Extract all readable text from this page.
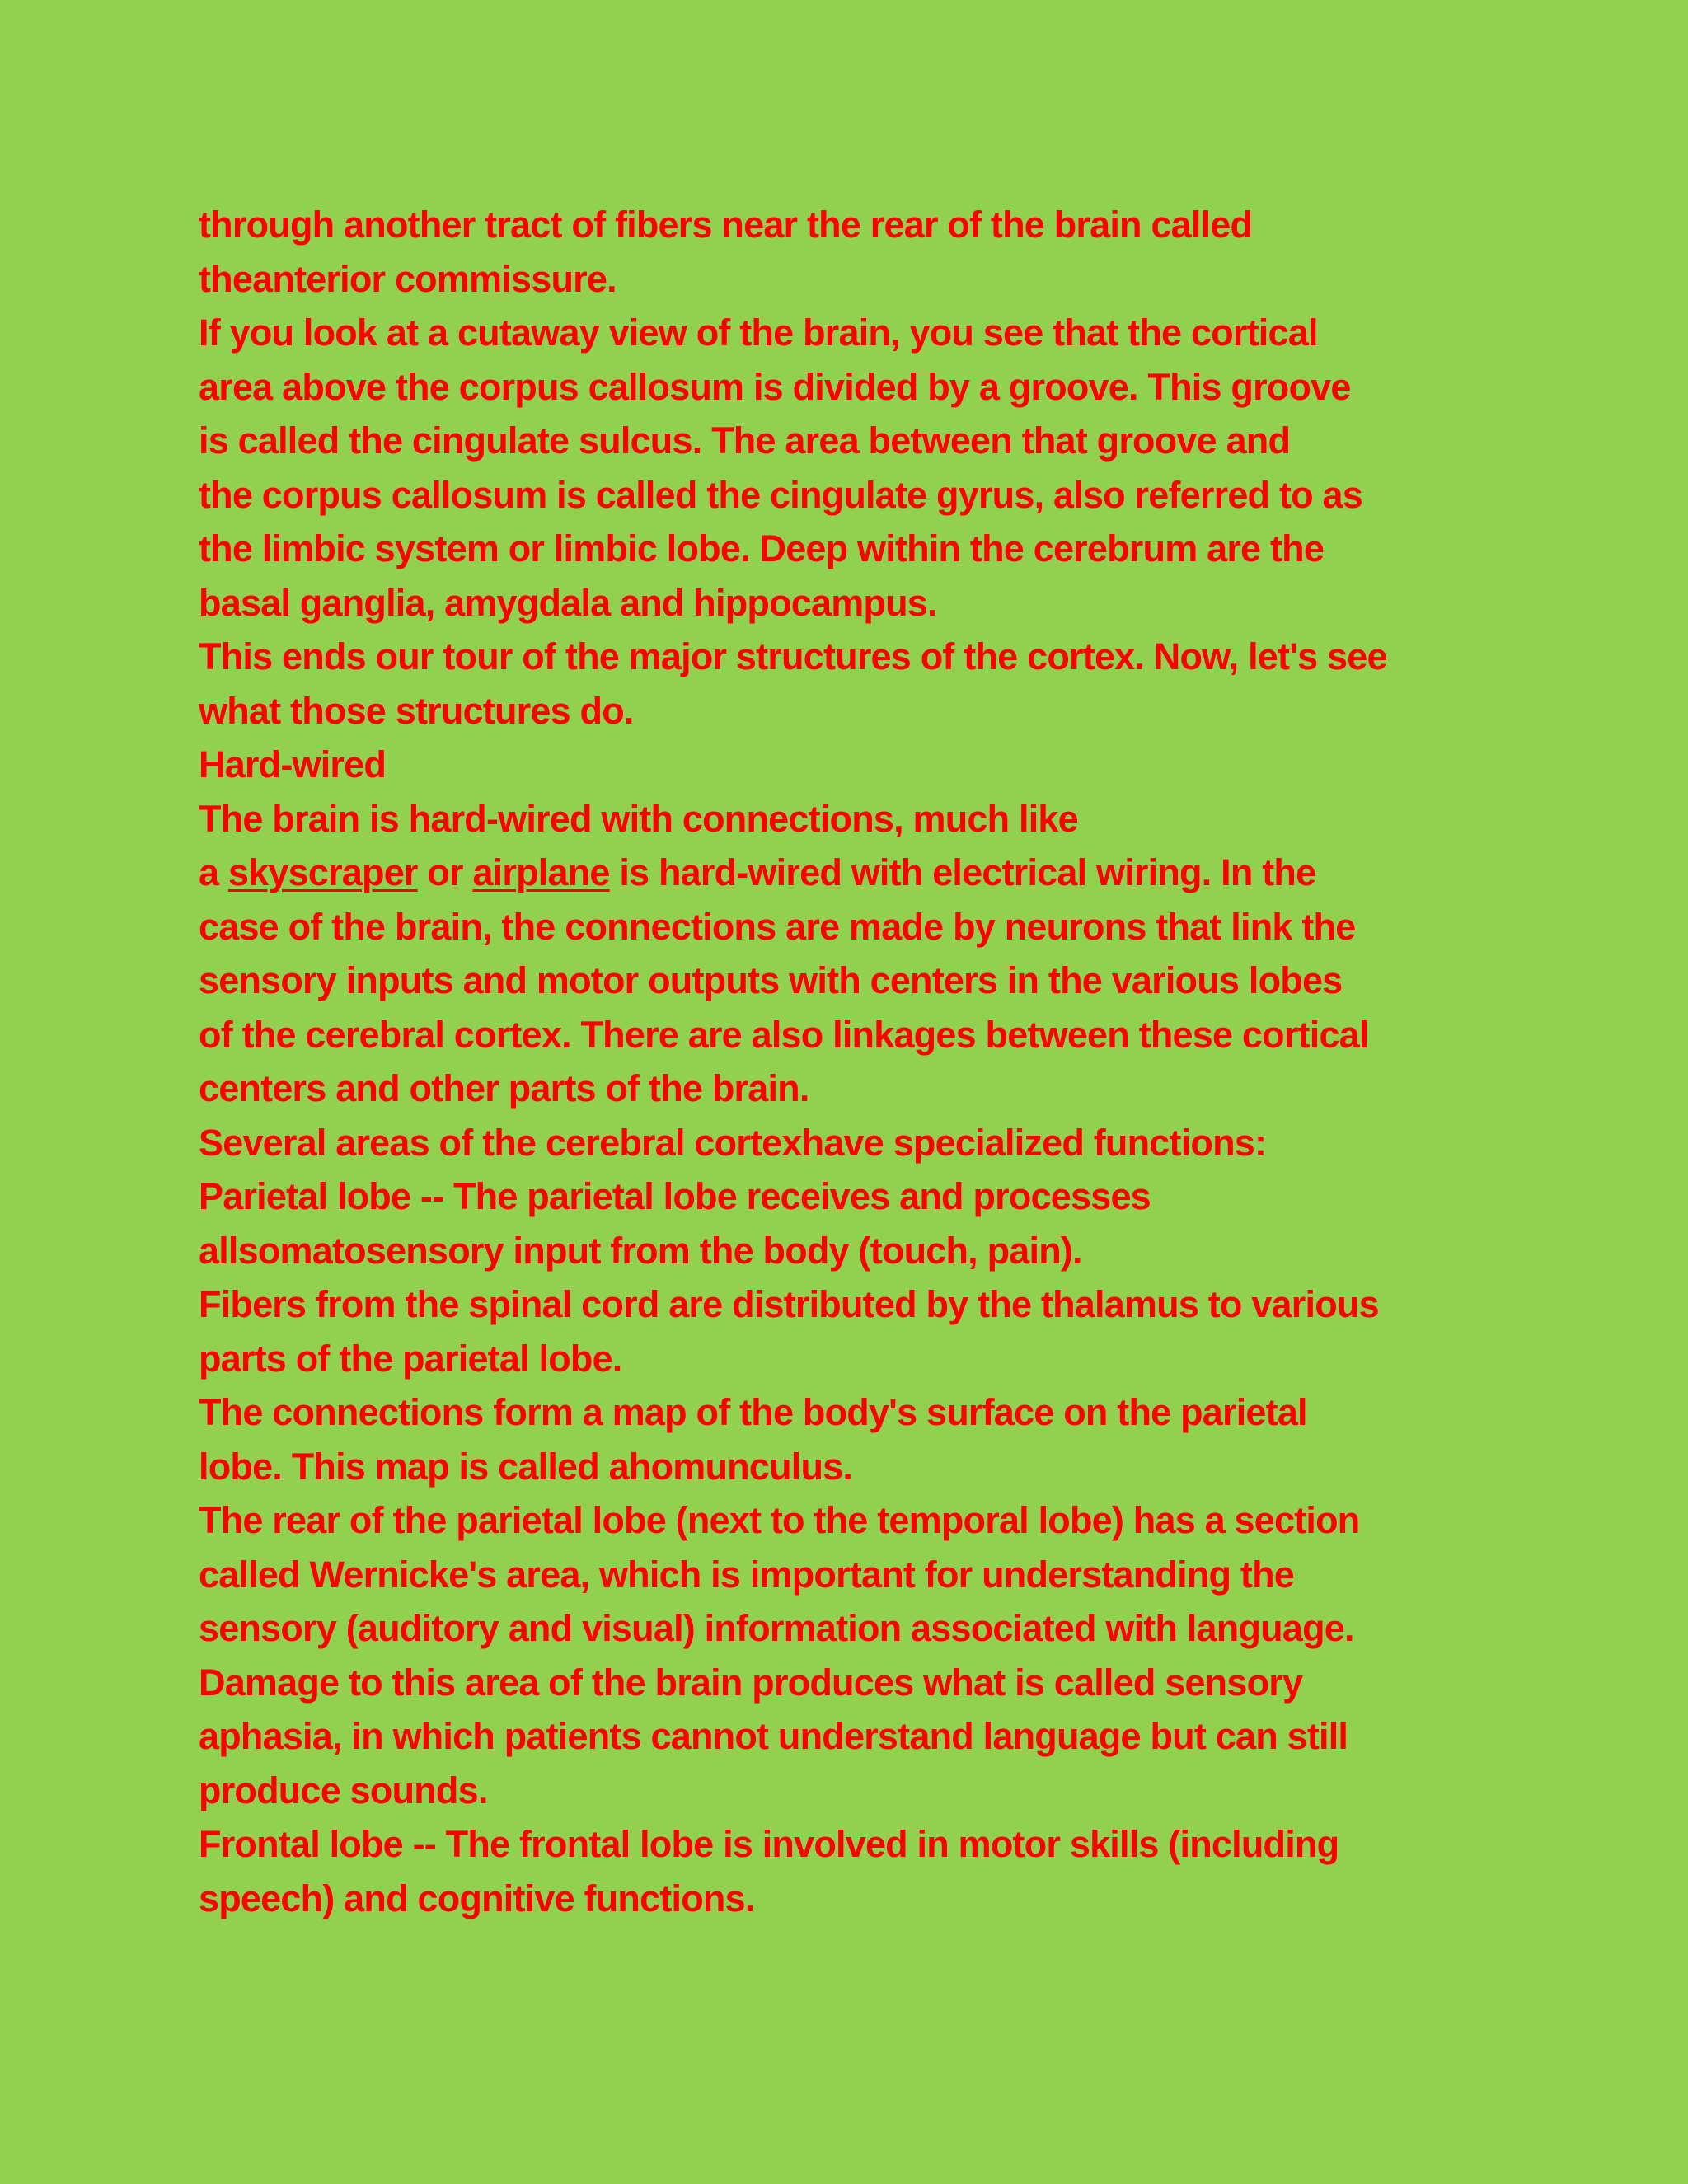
through another tract of fibers near the rear of the brain called
theanterior commissure.
If you look at a cutaway view of the brain, you see that the cortical
area above the corpus callosum is divided by a groove. This groove
is called the cingulate sulcus. The area between that groove and
the corpus callosum is called the cingulate gyrus, also referred to as
the limbic system or limbic lobe. Deep within the cerebrum are the
basal ganglia, amygdala and hippocampus.
This ends our tour of the major structures of the cortex. Now, let's see
what those structures do.
Hard-wired
The brain is hard-wired with connections, much like
a skyscraper or airplane is hard-wired with electrical wiring. In the
case of the brain, the connections are made by neurons that link the
sensory inputs and motor outputs with centers in the various lobes
of the cerebral cortex. There are also linkages between these cortical
centers and other parts of the brain.
Several areas of the cerebral cortexhave specialized functions:
Parietal lobe -- The parietal lobe receives and processes
allsomatosensory input from the body (touch, pain).
Fibers from the spinal cord are distributed by the thalamus to various
parts of the parietal lobe.
The connections form a map of the body's surface on the parietal
lobe. This map is called ahomunculus.
The rear of the parietal lobe (next to the temporal lobe) has a section
called Wernicke's area, which is important for understanding the
sensory (auditory and visual) information associated with language.
Damage to this area of the brain produces what is called sensory
aphasia, in which patients cannot understand language but can still
produce sounds.
Frontal lobe -- The frontal lobe is involved in motor skills (including
speech) and cognitive functions.
